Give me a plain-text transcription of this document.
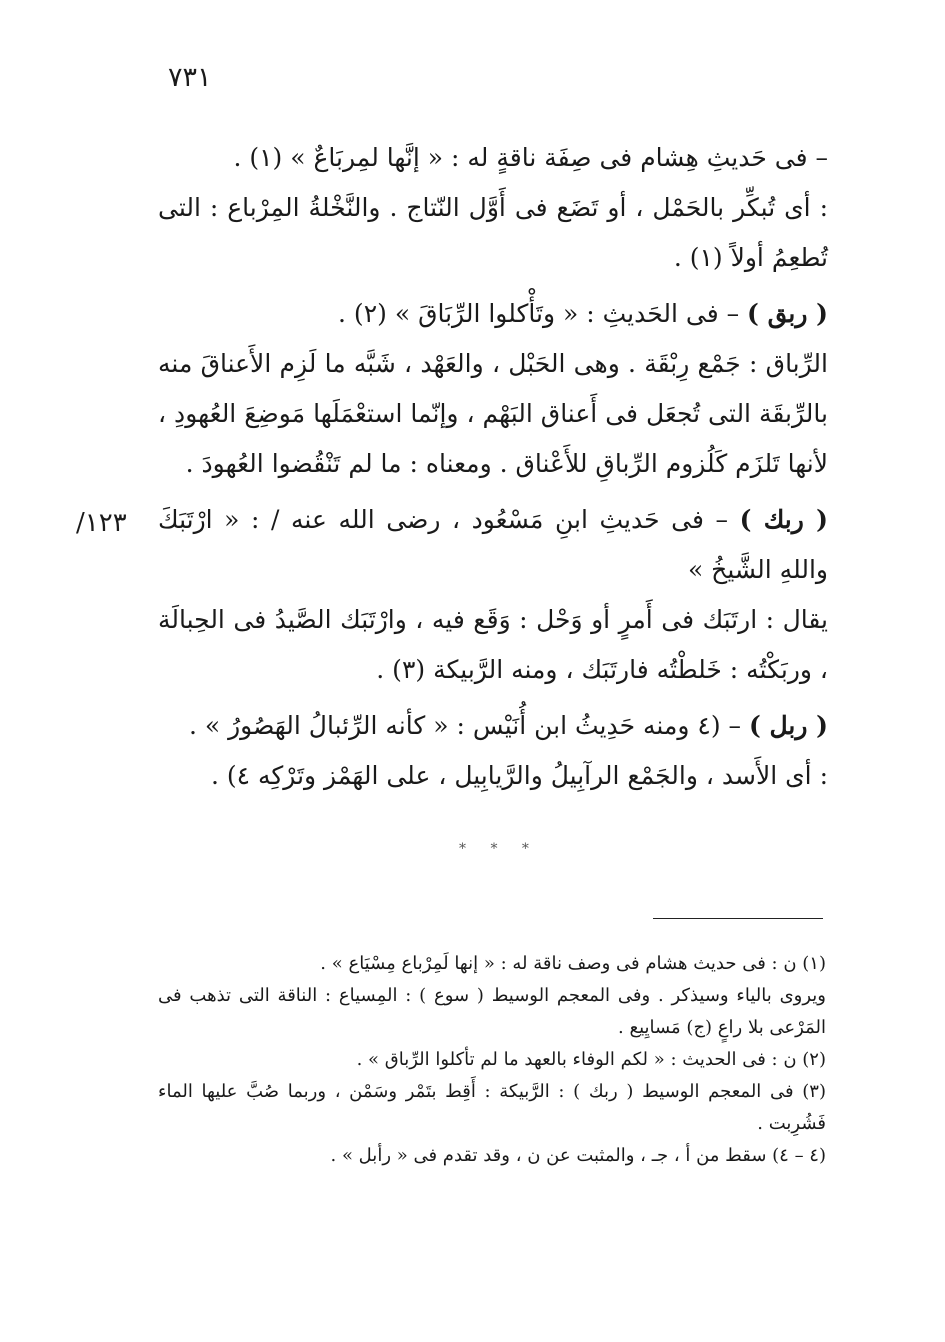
٧٣١
١٢٣/

– فى حَديثِ هِشام فى صِفَة ناقةٍ له : « إنَّها لمِربَاعٌ » (١) .

: أى تُبكِّر بالحَمْل ، أو تَضَع فى أَوَّل النّتاج . والنَّخْلةُ المِرْباع : التى تُطعِمُ أولاً (١) .

( ربق ) – فى الحَديثِ : « وتَأْكلوا الرِّبَاقَ » (٢) .

الرِّباق : جَمْع رِبْقَة . وهى الحَبْل ، والعَهْد ، شَبَّه ما لَزِم الأَعناقَ منه بالرِّبقَة التى تُجعَل فى أَعناق البَهْم ، وإنّما استعْمَلَها مَوضِعَ العُهودِ ، لأنها تَلزَم كَلُزوم الرِّباقِ للأَعْناق . ومعناه : ما لم تَنْقُضوا العُهودَ .

( ربك ) – فى حَديثِ ابنِ مَسْعُود ، رضى الله عنه / : « ارْتَبَكَ واللهِ الشَّيخُ »

يقال : ارتَبَك فى أَمرٍ أو وَحْل : وَقَع فيه ، وارْتَبَك الصَّيدُ فى الحِبالَة ، وربَكْتُه : خَلطْتُه فارتَبَك ، ومنه الرَّبيكة (٣) .

( ربل ) – (٤ ومنه حَدِيثُ ابن أُنَيْس : « كأنه الرِّئبالُ الهَصُورُ » .

: أى الأَسد ، والجَمْع الرآبِيلُ والرَّيابِيل ، على الهَمْز وتَرْكِه ٤) .

* * *

(١) ن : فى حديث هشام فى وصف ناقة له : « إنها لَمِرْباع مِسْيَاع » .

ويروى بالياء وسيذكر . وفى المعجم الوسيط ( سوع ) : المِسياع : الناقة التى تذهب فى المَرْعى بلا راعٍ (ج) مَسايِيع .

(٢) ن : فى الحديث : « لكم الوفاء بالعهد ما لم تأكلوا الرِّباق » .

(٣) فى المعجم الوسيط ( ربك ) : الرَّبيكة : أَقِط بتَمْر وسَمْن ، وربما صُبَّ عليها الماء فَشُرِبت .

(٤ – ٤) سقط من أ ، جـ ، والمثبت عن ن ، وقد تقدم فى « رأبل » .
